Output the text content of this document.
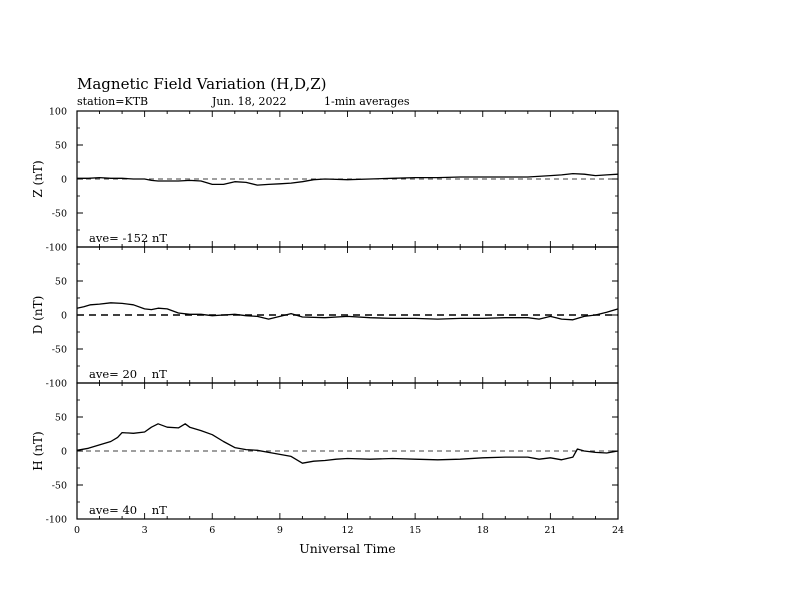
Magnetic Field Variation (H,D,Z)
station=KTB	Jun. 18, 2022	1-min averages
100
50
0
-50
-100
Z (nT)
ave= -152 nT
50
0
-50
-100
D (nT)
ave= 20    nT
50
0
-50
-100
H (nT)
ave= 40    nT
0	3	6	9	12	15	18	21	24
Universal Time
